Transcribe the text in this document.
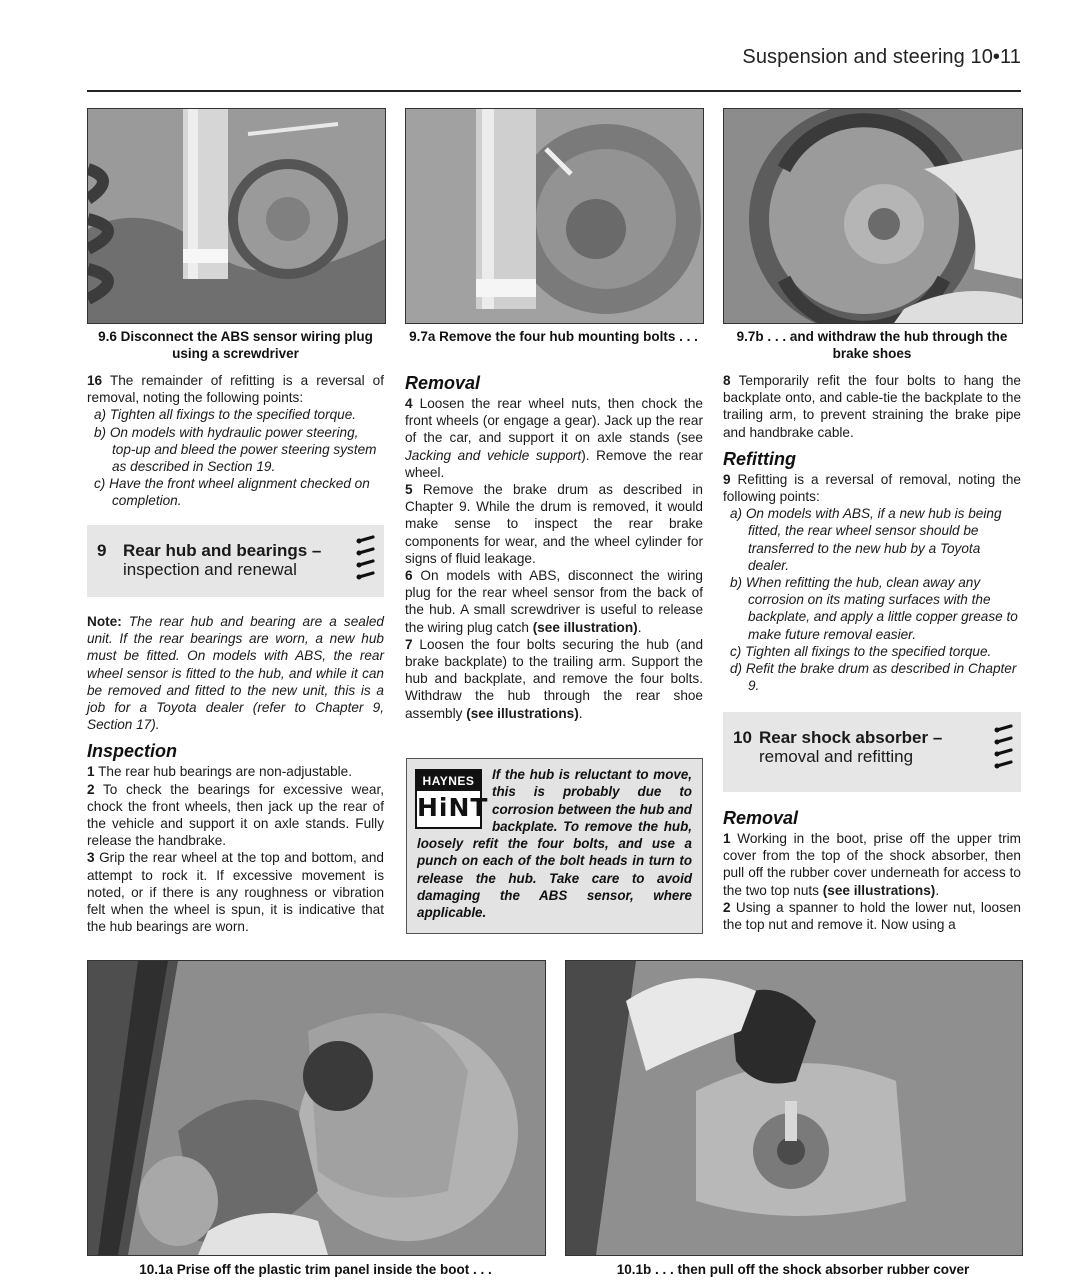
Suspension and steering 10•11
9.6 Disconnect the ABS sensor wiring plug using a screwdriver
9.7a Remove the four hub mounting bolts . . .	9.7b . . . and withdraw the hub through the brake shoes

16 The remainder of refitting is a reversal of removal, noting the following points:

a) Tighten all fixings to the specified torque.
b) On models with hydraulic power steering, top-up and bleed the power steering system as described in Section 19.
c) Have the front wheel alignment checked on completion.
9 Rear hub and bearings –
inspection and renewal

Note: The rear hub and bearing are a sealed unit. If the rear bearings are worn, a new hub must be fitted. On models with ABS, the rear wheel sensor is fitted to the hub, and while it can be removed and fitted to the new unit, this is a job for a Toyota dealer (refer to Chapter 9, Section 17).

Inspection

1 The rear hub bearings are non-adjustable.

2 To check the bearings for excessive wear, chock the front wheels, then jack up the rear of the vehicle and support it on axle stands. Fully release the handbrake.

3 Grip the rear wheel at the top and bottom, and attempt to rock it. If excessive movement is noted, or if there is any roughness or vibration felt when the wheel is spun, it is indicative that the hub bearings are worn.

Removal

4 Loosen the rear wheel nuts, then chock the front wheels (or engage a gear). Jack up the rear of the car, and support it on axle stands (see Jacking and vehicle support). Remove the rear wheel.

5 Remove the brake drum as described in Chapter 9. While the drum is removed, it would make sense to inspect the rear brake components for wear, and the wheel cylinder for signs of fluid leakage.

6 On models with ABS, disconnect the wiring plug for the rear wheel sensor from the back of the hub. A small screwdriver is useful to release the wiring plug catch (see illustration).

7 Loosen the four bolts securing the hub (and brake backplate) to the trailing arm. Support the hub and backplate, and remove the four bolts. Withdraw the hub through the rear shoe assembly (see illustrations).

HAYNES
HiNT
If the hub is reluctant to move, this is probably due to corrosion between the hub and backplate. To remove the hub, loosely refit the four bolts, and use a punch on each of the bolt heads in turn to release the hub. Take care to avoid damaging the ABS sensor, where applicable.

8 Temporarily refit the four bolts to hang the backplate onto, and cable-tie the backplate to the trailing arm, to prevent straining the brake pipe and handbrake cable.

Refitting

9 Refitting is a reversal of removal, noting the following points:

a) On models with ABS, if a new hub is being fitted, the rear wheel sensor should be transferred to the new hub by a Toyota dealer.
b) When refitting the hub, clean away any corrosion on its mating surfaces with the backplate, and apply a little copper grease to make future removal easier.
c) Tighten all fixings to the specified torque.
d) Refit the brake drum as described in Chapter 9.
10 Rear shock absorber –
removal and refitting

Removal

1 Working in the boot, prise off the upper trim cover from the top of the shock absorber, then pull off the rubber cover underneath for access to the two top nuts (see illustrations).

2 Using a spanner to hold the lower nut, loosen the top nut and remove it. Now using a

10.1a Prise off the plastic trim panel inside the boot . . .	10.1b . . . then pull off the shock absorber rubber cover
